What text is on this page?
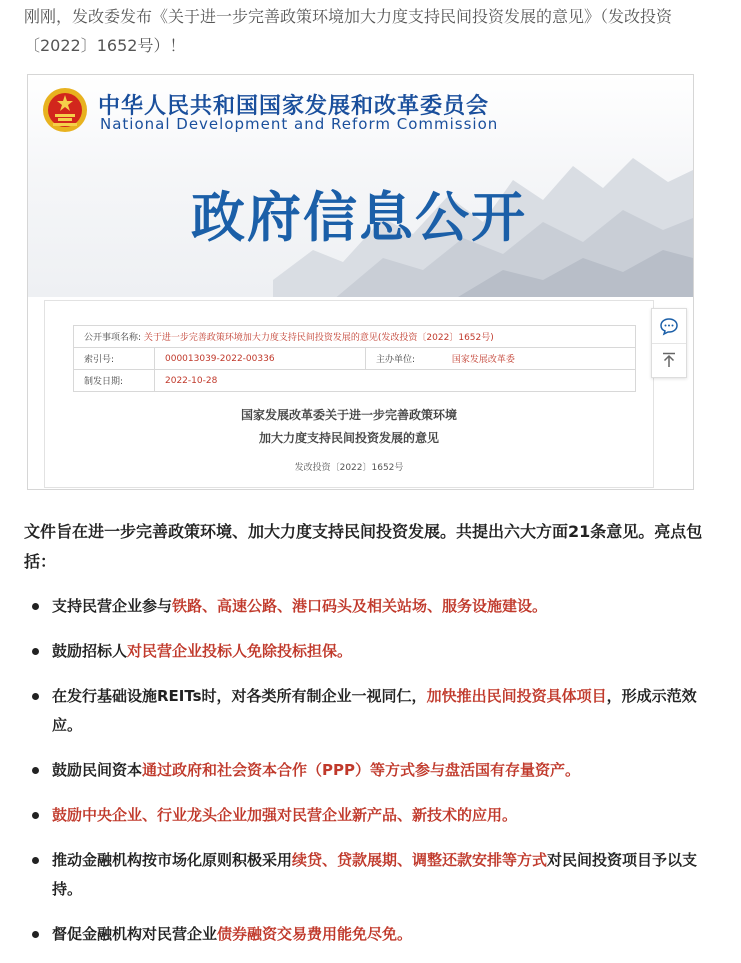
刚刚，发改委发布《关于进一步完善政策环境加大力度支持民间投资发展的意见》（发改投资〔2022〕1652号）！

中华人民共和国国家发展和改革委员会
National Development and Reform Commission
政府信息公开
公开事项名称: 关于进一步完善政策环境加大力度支持民间投资发展的意见(发改投资〔2022〕1652号)		
索引号:	000013039-2022-00336	主办单位: 国家发展改革委
制发日期:	2022-10-28	
国家发展改革委关于进一步完善政策环境
加大力度支持民间投资发展的意见
发改投资〔2022〕1652号

文件旨在进一步完善政策环境、加大力度支持民间投资发展。共提出六大方面21条意见。亮点包括：

支持民营企业参与铁路、高速公路、港口码头及相关站场、服务设施建设。
鼓励招标人对民营企业投标人免除投标担保。
在发行基础设施REITs时，对各类所有制企业一视同仁，加快推出民间投资具体项目，形成示范效应。
鼓励民间资本通过政府和社会资本合作（PPP）等方式参与盘活国有存量资产。
鼓励中央企业、行业龙头企业加强对民营企业新产品、新技术的应用。
推动金融机构按市场化原则积极采用续贷、贷款展期、调整还款安排等方式对民间投资项目予以支持。
督促金融机构对民营企业债券融资交易费用能免尽免。
